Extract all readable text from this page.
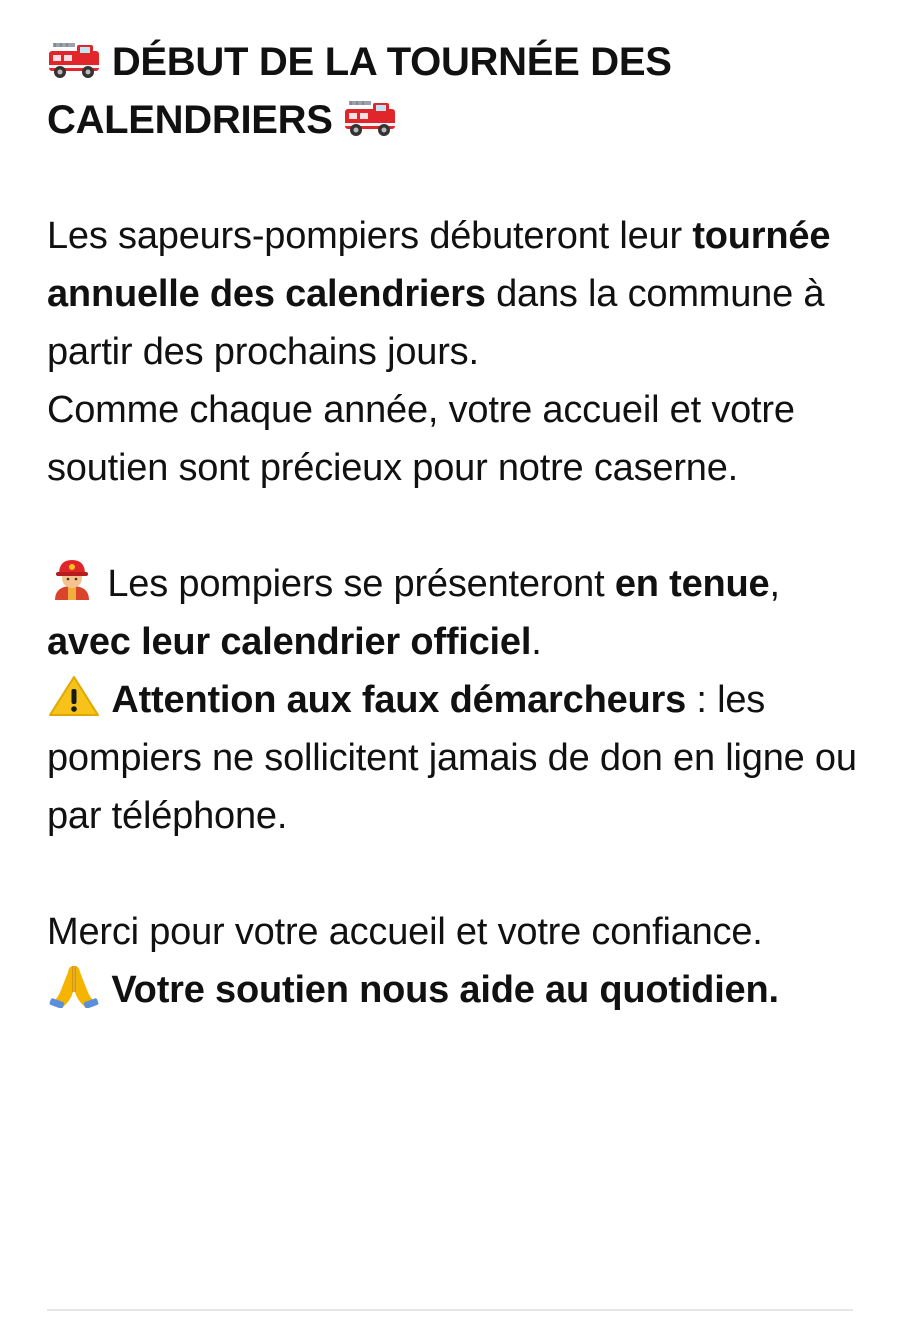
DÉBUT DE LA TOURNÉE DES CALENDRIERS

Les sapeurs-pompiers débuteront leur tournée annuelle des calendriers dans la commune à partir des prochains jours.

Comme chaque année, votre accueil et votre soutien sont précieux pour notre caserne.

Les pompiers se présenteront en tenue, avec leur calendrier officiel.

Attention aux faux démarcheurs : les pompiers ne sollicitent jamais de don en ligne ou par téléphone.

Merci pour votre accueil et votre confiance.

Votre soutien nous aide au quotidien.
